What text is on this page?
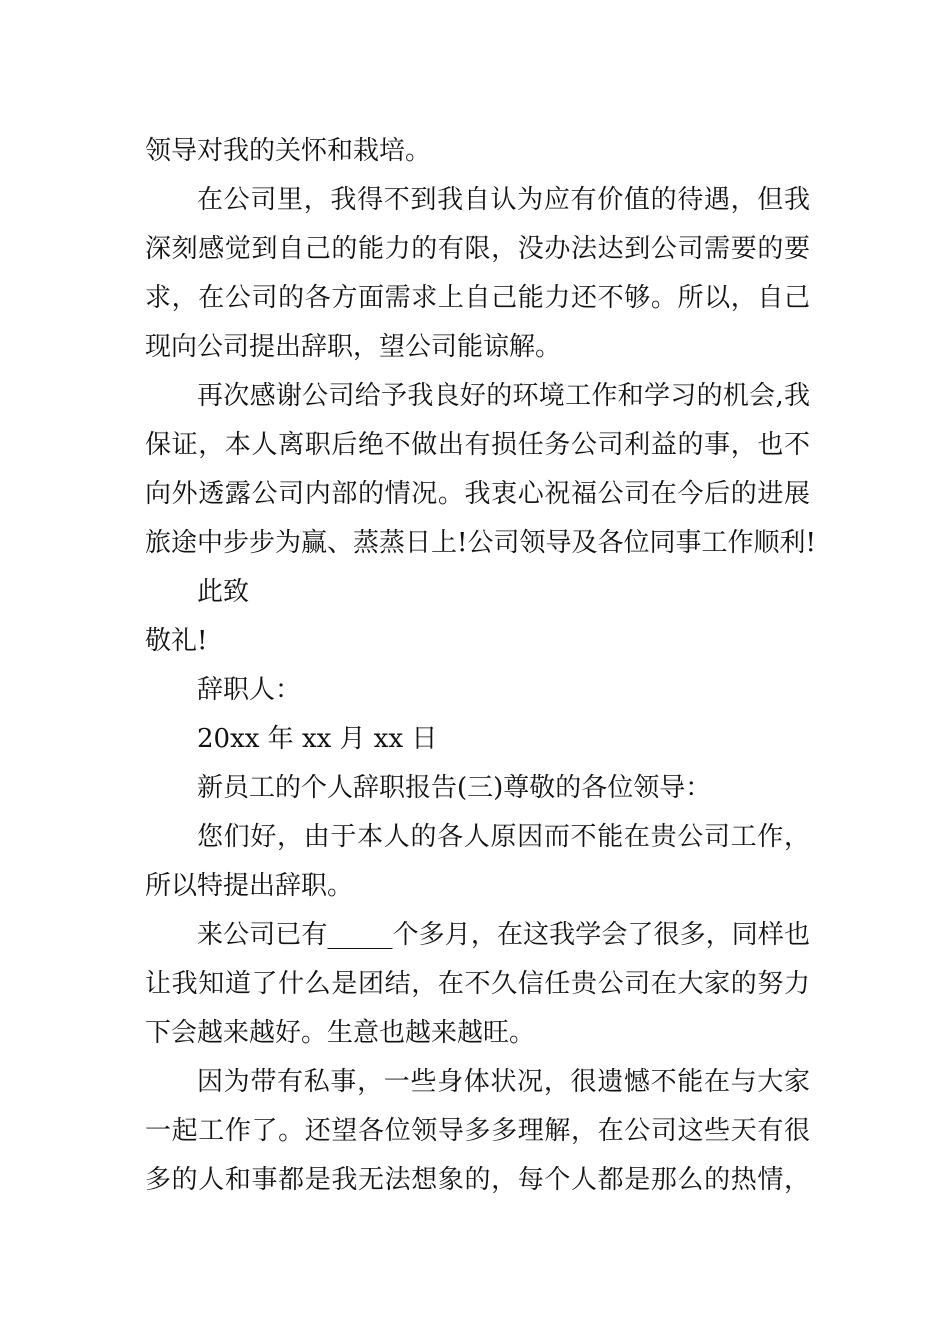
领导对我的关怀和栽培。
在公司里，我得不到我自认为应有价值的待遇，但我
深刻感觉到自己的能力的有限，没办法达到公司需要的要
求，在公司的各方面需求上自己能力还不够。所以，自己
现向公司提出辞职，望公司能谅解。
再次感谢公司给予我良好的环境工作和学习的机会,我
保证，本人离职后绝不做出有损任务公司利益的事，也不
向外透露公司内部的情况。我衷心祝福公司在今后的进展
旅途中步步为赢、蒸蒸日上!公司领导及各位同事工作顺利!
此致
敬礼!
辞职人：
20xx 年 xx 月 xx 日
新员工的个人辞职报告(三)尊敬的各位领导：
您们好，由于本人的各人原因而不能在贵公司工作，
所以特提出辞职。
来公司已有_____个多月，在这我学会了很多，同样也
让我知道了什么是团结，在不久信任贵公司在大家的努力
下会越来越好。生意也越来越旺。
因为带有私事，一些身体状况，很遗憾不能在与大家
一起工作了。还望各位领导多多理解，在公司这些天有很
多的人和事都是我无法想象的，每个人都是那么的热情，
